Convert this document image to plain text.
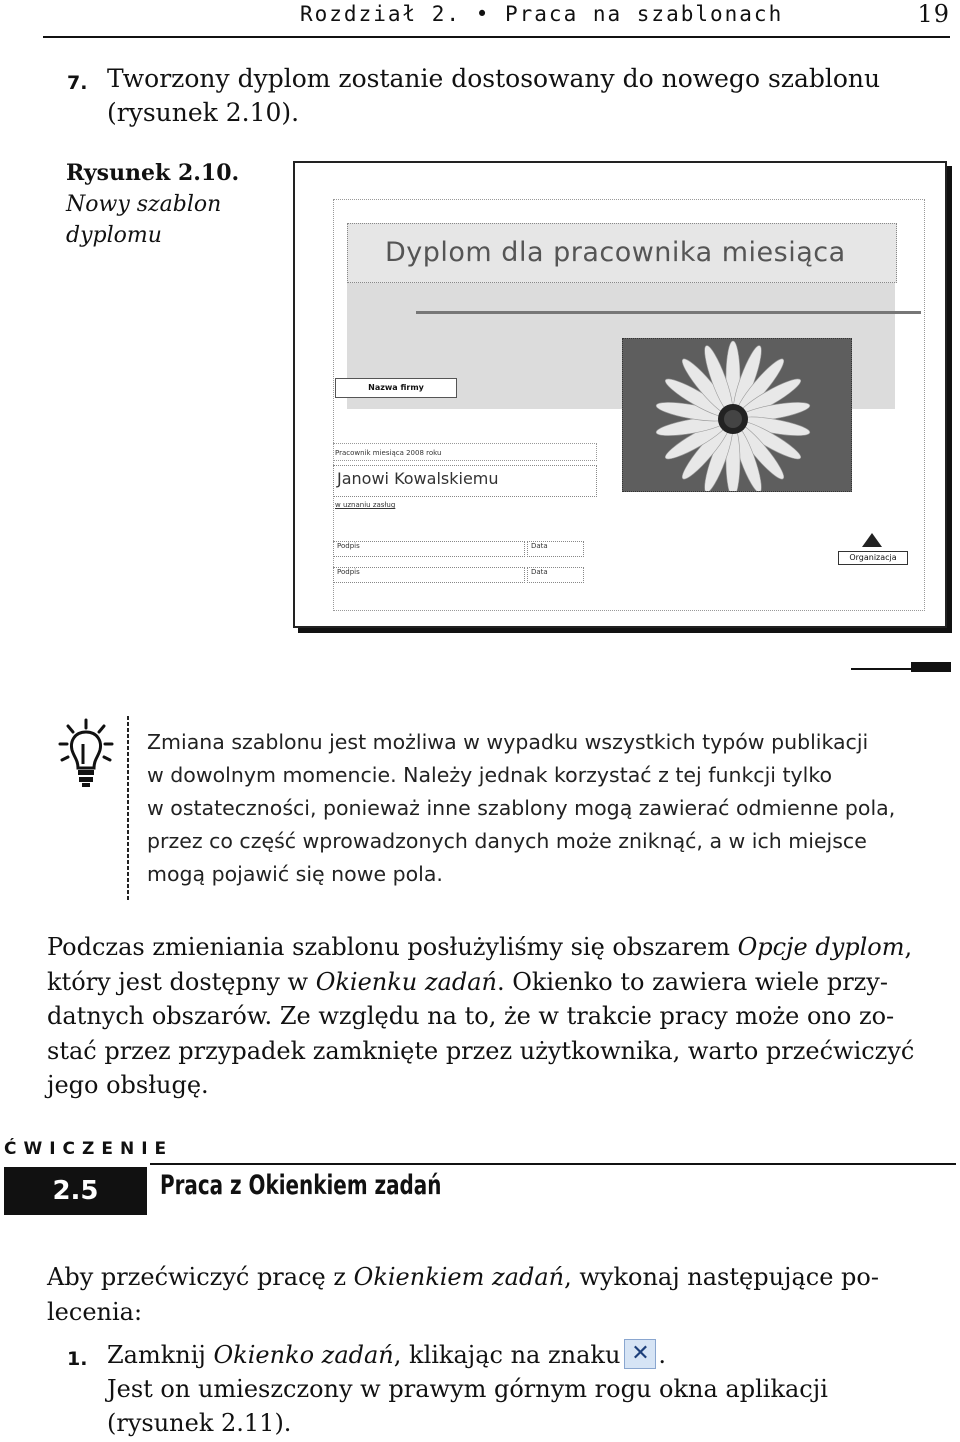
Rozdział 2. • Praca na szablonach	19
7. Tworzony dyplom zostanie dostosowany do nowego szablonu
(rysunek 2.10).
Rysunek 2.10.
Nowy szablon
dyplomu
Dyplom dla pracownika miesiąca
Nazwa firmy
Pracownik miesiąca 2008 roku
Janowi Kowalskiemu
w uznaniu zasług
Podpis	Data
Podpis	Data
Organizacja
Zmiana szablonu jest możliwa w wypadku wszystkich typów publikacji
w dowolnym momencie. Należy jednak korzystać z tej funkcji tylko
w ostateczności, ponieważ inne szablony mogą zawierać odmienne pola,
przez co część wprowadzonych danych może zniknąć, a w ich miejsce
mogą pojawić się nowe pola.
Podczas zmieniania szablonu posłużyliśmy się obszarem Opcje dyplom,
który jest dostępny w Okienku zadań. Okienko to zawiera wiele przy-
datnych obszarów. Ze względu na to, że w trakcie pracy może ono zo-
stać przez przypadek zamknięte przez użytkownika, warto przećwiczyć
jego obsługę.
ĆWICZENIE
2.5	Praca z Okienkiem zadań
Aby przećwiczyć pracę z Okienkiem zadań, wykonaj następujące po-
lecenia:
1. Zamknij Okienko zadań, klikając na znaku ✕ .
Jest on umieszczony w prawym górnym rogu okna aplikacji
(rysunek 2.11).
